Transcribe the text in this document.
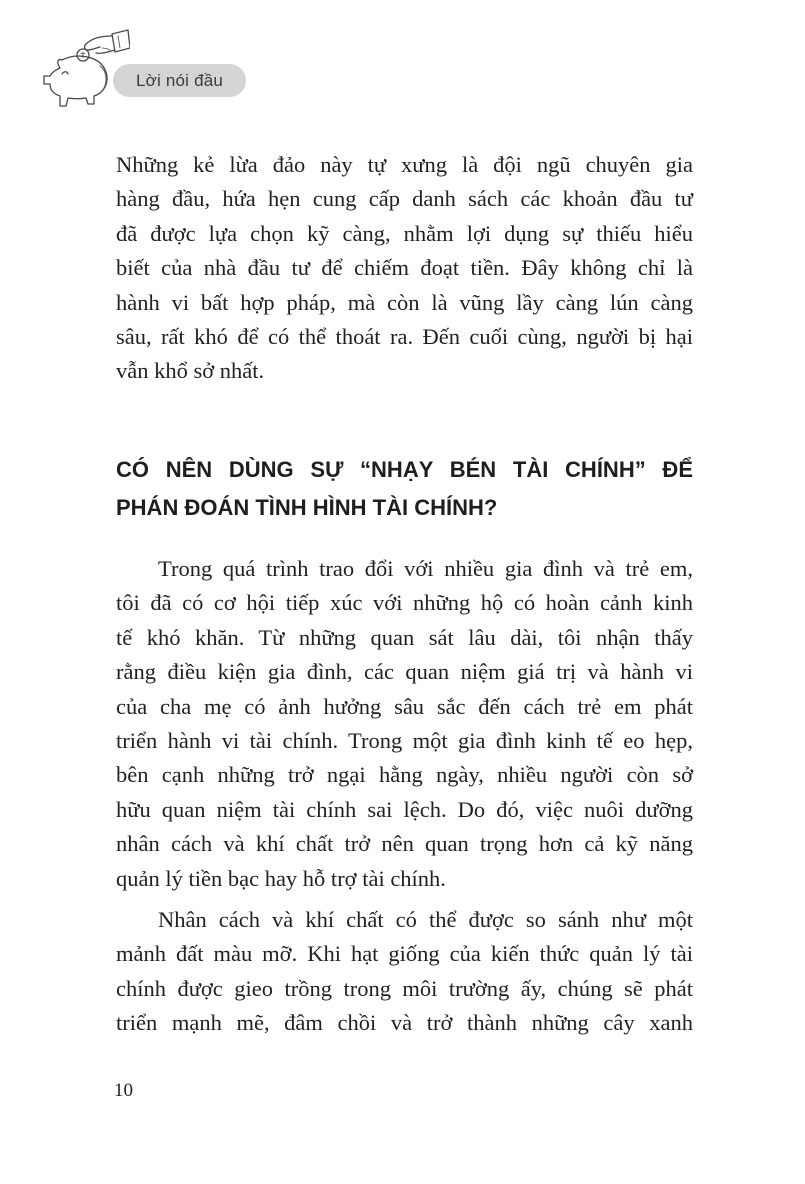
Lời nói đầu
Những kẻ lừa đảo này tự xưng là đội ngũ chuyên gia
hàng đầu, hứa hẹn cung cấp danh sách các khoản đầu tư
đã được lựa chọn kỹ càng, nhằm lợi dụng sự thiếu hiểu
biết của nhà đầu tư để chiếm đoạt tiền. Đây không chỉ là
hành vi bất hợp pháp, mà còn là vũng lầy càng lún càng
sâu, rất khó để có thể thoát ra. Đến cuối cùng, người bị hại
vẫn khổ sở nhất.
CÓ NÊN DÙNG SỰ “NHẠY BÉN TÀI CHÍNH” ĐỂ
PHÁN ĐOÁN TÌNH HÌNH TÀI CHÍNH?
Trong quá trình trao đổi với nhiều gia đình và trẻ em,
tôi đã có cơ hội tiếp xúc với những hộ có hoàn cảnh kinh
tế khó khăn. Từ những quan sát lâu dài, tôi nhận thấy
rằng điều kiện gia đình, các quan niệm giá trị và hành vi
của cha mẹ có ảnh hưởng sâu sắc đến cách trẻ em phát
triển hành vi tài chính. Trong một gia đình kinh tế eo hẹp,
bên cạnh những trở ngại hằng ngày, nhiều người còn sở
hữu quan niệm tài chính sai lệch. Do đó, việc nuôi dưỡng
nhân cách và khí chất trở nên quan trọng hơn cả kỹ năng
quản lý tiền bạc hay hỗ trợ tài chính.
Nhân cách và khí chất có thể được so sánh như một
mảnh đất màu mỡ. Khi hạt giống của kiến thức quản lý tài
chính được gieo trồng trong môi trường ấy, chúng sẽ phát
triển mạnh mẽ, đâm chồi và trở thành những cây xanh
10
